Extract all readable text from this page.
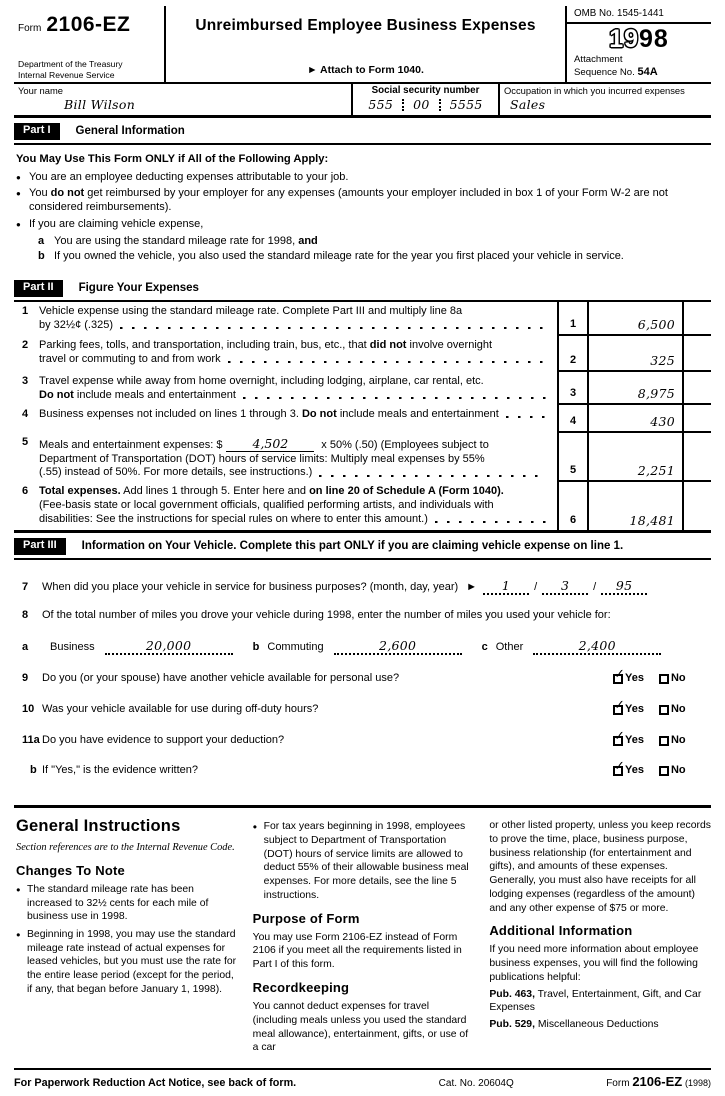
Form 2106-EZ
Department of the Treasury
Internal Revenue Service
Unreimbursed Employee Business Expenses
► Attach to Form 1040.
OMB No. 1545-1441
1998
Attachment
Sequence No. 54A
Your name
Bill Wilson
Social security number
555 00 5555
Occupation in which you incurred expenses
Sales
Part I	General Information
You May Use This Form ONLY if All of the Following Apply:
● You are an employee deducting expenses attributable to your job.
● You do not get reimbursed by your employer for any expenses (amounts your employer included in box 1 of your Form W-2 are not considered reimbursements).
● If you are claiming vehicle expense,
a You are using the standard mileage rate for 1998, and
b If you owned the vehicle, you also used the standard mileage rate for the year you first placed your vehicle in service.
Part II	Figure Your Expenses
1 Vehicle expense using the standard mileage rate. Complete Part III and multiply line 8a
by 32½¢ (.325)	1	6,500
2 Parking fees, tolls, and transportation, including train, bus, etc., that did not involve overnight
travel or commuting to and from work	2	325
3 Travel expense while away from home overnight, including lodging, airplane, car rental, etc.
Do not include meals and entertainment	3	8,975
4 Business expenses not included on lines 1 through 3. Do not include meals and entertainment
4	430
5 Meals and entertainment expenses: $ 4,502	x 50% (.50) (Employees subject to
Department of Transportation (DOT) hours of service limits: Multiply meal expenses by 55%
(.55) instead of 50%. For more details, see instructions.)	5	2,251
6 Total expenses. Add lines 1 through 5. Enter here and on line 20 of Schedule A (Form 1040).
(Fee-basis state or local government officials, qualified performing artists, and individuals with
disabilities: See the instructions for special rules on where to enter this amount.)	6	18,481
Part III	Information on Your Vehicle. Complete this part ONLY if you are claiming vehicle expense on line 1.
7	When did you place your vehicle in service for business purposes? (month, day, year) ►	1	/	3	/	95
8	Of the total number of miles you drove your vehicle during 1998, enter the number of miles you used your vehicle for:
a	Business	20,000	b Commuting	2,600	c Other	2,400
9	Do you (or your spouse) have another vehicle available for personal use?	✓ Yes No
10 Was your vehicle available for use during off-duty hours?	✓ Yes No
11a Do you have evidence to support your deduction?	✓ Yes No
b If "Yes," is the evidence written?	✓ Yes No
General Instructions
Section references are to the Internal Revenue Code.
Changes To Note
● The standard mileage rate has been increased to 32½ cents for each mile of business use in 1998.
● Beginning in 1998, you may use the standard mileage rate instead of actual expenses for leased vehicles, but you must use the rate for the entire lease period (except for the period, if any, that began before January 1, 1998).
● For tax years beginning in 1998, employees subject to Department of Transportation (DOT) hours of service limits are allowed to deduct 55% of their allowable business meal expenses. For more details, see the line 5 instructions.
Purpose of Form
You may use Form 2106-EZ instead of Form 2106 if you meet all the requirements listed in Part I of this form.
Recordkeeping
You cannot deduct expenses for travel (including meals unless you used the standard meal allowance), entertainment, gifts, or use of a car
or other listed property, unless you keep records to prove the time, place, business purpose, business relationship (for entertainment and gifts), and amounts of these expenses. Generally, you must also have receipts for all lodging expenses (regardless of the amount) and any other expense of $75 or more.
Additional Information
If you need more information about employee business expenses, you will find the following publications helpful:
Pub. 463, Travel, Entertainment, Gift, and Car Expenses
Pub. 529, Miscellaneous Deductions
For Paperwork Reduction Act Notice, see back of form.	Cat. No. 20604Q	Form 2106-EZ (1998)
